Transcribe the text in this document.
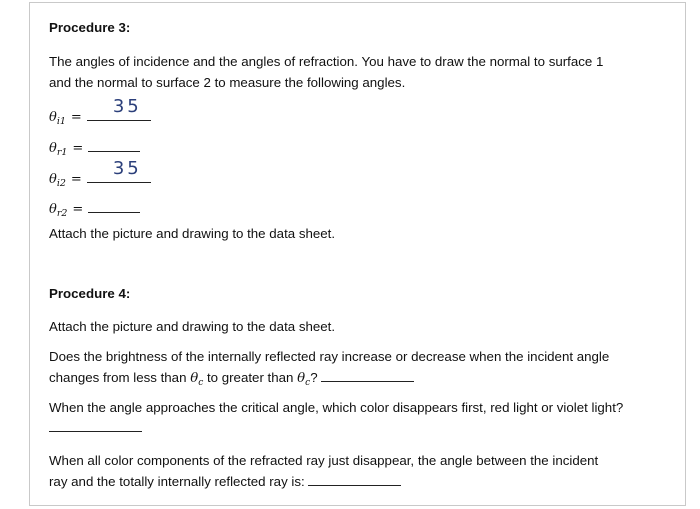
Procedure 3:
The angles of incidence and the angles of refraction. You have to draw the normal to surface 1
and the normal to surface 2 to measure the following angles.
θ i1 =
35
θ r1 =
θ i2 =
35
θ r2 =
Attach the picture and drawing to the data sheet.
Procedure 4:
Attach the picture and drawing to the data sheet.
Does the brightness of the internally reflected ray increase or decrease when the incident angle
changes from less than $\theta_c$ to greater than $\theta_c$?
When the angle approaches the critical angle, which color disappears first, red light or violet light?
When all color components of the refracted ray just disappear, the angle between the incident
ray and the totally internally reflected ray is:
